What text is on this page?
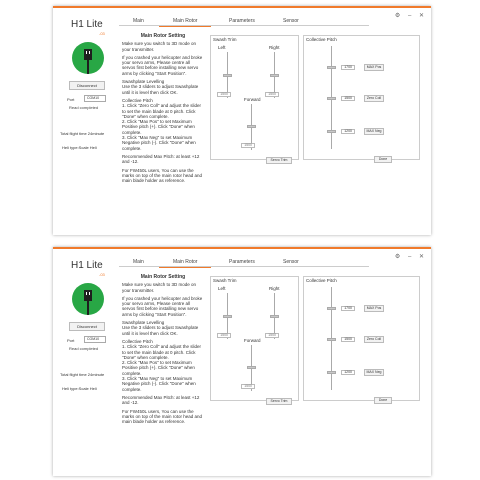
⚙ – ✕
H1 Lite
-03
Main	Main Rotor	Parameters	Sensor
Disconnect
Port	COM10
Read completed
Total flight time 24minute
Heli type:Scale Heli
Main Rotor Setting

Make sure you switch to 3D mode on your transmitter.

If you crashed your helicopter and broke your servo arms, Please centre all servos first before installing new servo arms by clicking "Start Position".

Swashplate Levelling
Use the 3 sliders to adjust Swashplate until it is level then click OK.

Collective Pitch
1. Click "Zero Coll" and adjust the slider to set the main blade at 0 pitch. Click "Done" when complete.
2. Click "Max Pos" to set Maximum Positive pitch (+). Click "Done" when complete.
3. Click "Max Neg" to set Maximum Negative pitch (-). Click "Done" when complete.

Recommended Max Pitch: at least +12 and -12.

For FW450L users, You can use the marks on top of the main rotor head and main blade holder as reference.

Swash Trim
Left
1500
Right
1500
Forward
1500
Servo Trim
Collective Pitch
1700	MAX Pos
1500	Zero Coll
1200	MAX Neg
Done
⚙ – ✕
H1 Lite
-03
Main	Main Rotor	Parameters	Sensor
Disconnect
Port	COM10
Read completed
Total flight time 24minute
Heli type:Scale Heli
Main Rotor Setting

Make sure you switch to 3D mode on your transmitter.

If you crashed your helicopter and broke your servo arms, Please centre all servos first before installing new servo arms by clicking "Start Position".

Swashplate Levelling
Use the 3 sliders to adjust Swashplate until it is level then click OK.

Collective Pitch
1. Click "Zero Coll" and adjust the slider to set the main blade at 0 pitch. Click "Done" when complete.
2. Click "Max Pos" to set Maximum Positive pitch (+). Click "Done" when complete.
3. Click "Max Neg" to set Maximum Negative pitch (-). Click "Done" when complete.

Recommended Max Pitch: at least +12 and -12.

For FW450L users, You can use the marks on top of the main rotor head and main blade holder as reference.

Swash Trim
Left
1500
Right
1500
Forward
1500
Servo Trim
Collective Pitch
1700	MAX Pos
1500	Zero Coll
1200	MAX Neg
Done
